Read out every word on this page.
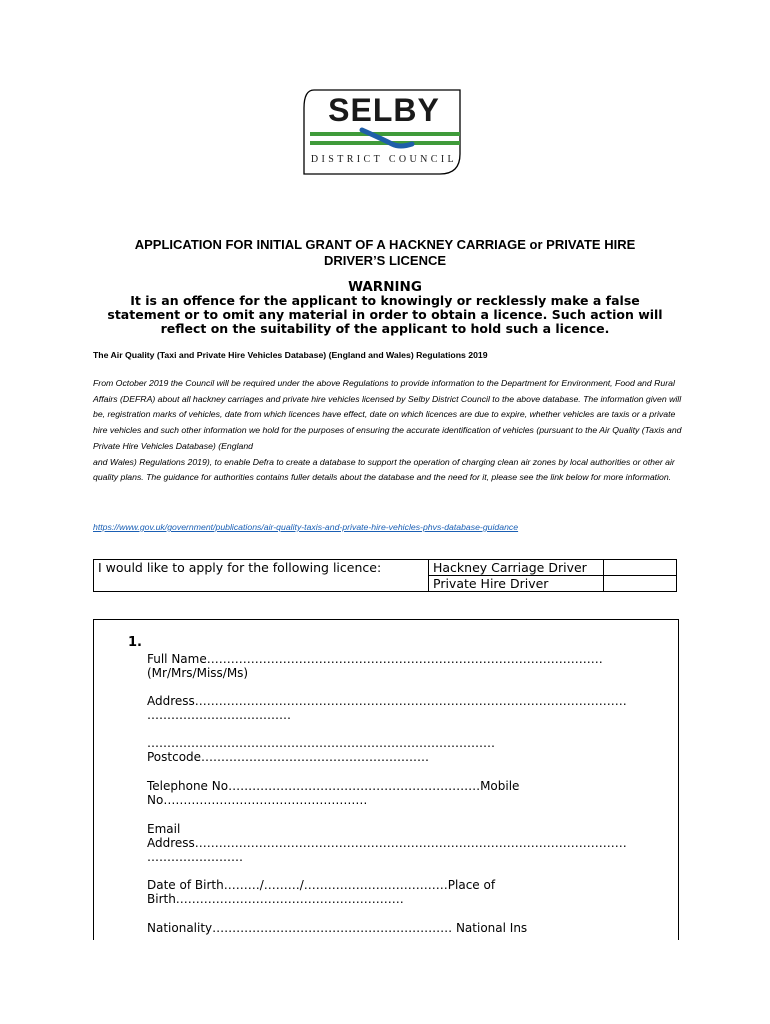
SELBY
DISTRICT COUNCIL
APPLICATION FOR INITIAL GRANT OF A HACKNEY CARRIAGE or PRIVATE HIRE
DRIVER’S LICENCE
WARNING
It is an offence for the applicant to knowingly or recklessly make a false
statement or to omit any material in order to obtain a licence. Such action will
reflect on the suitability of the applicant to hold such a licence.
The Air Quality (Taxi and Private Hire Vehicles Database) (England and Wales) Regulations 2019

From October 2019 the Council will be required under the above Regulations to provide information to the Department for Environment, Food and Rural Affairs (DEFRA) about all hackney carriages and private hire vehicles licensed by Selby District Council to the above database. The information given will be, registration marks of vehicles, date from which licences have effect, date on which licences are due to expire, whether vehicles are taxis or a private hire vehicles and such other information we hold for the purposes of ensuring the accurate identification of vehicles (pursuant to the Air Quality (Taxis and Private Hire Vehicles Database) (England

and Wales) Regulations 2019), to enable Defra to create a database to support the operation of charging clean air zones by local authorities or other air quality plans. The guidance for authorities contains fuller details about the database and the need for it, please see the link below for more information.

https://www.gov.uk/government/publications/air-quality-taxis-and-private-hire-vehicles-phvs-database-guidance
I would like to apply for the following licence:	Hackney Carriage Driver	
	Private Hire Driver	
1.
Full Name………………………………………………………………………………………
(Mr/Mrs/Miss/Ms)
Address………………………………………………………………………………………………
………………………………
……………………………………………………………………………
Postcode…………………………………………………
Telephone No………………………………………………………Mobile
No……………………………………………
Email
Address………………………………………………………………………………………………
……………………
Date of Birth………/………/………………………………Place of
Birth…………………………………………………
Nationality…………………………………………………… National Ins
